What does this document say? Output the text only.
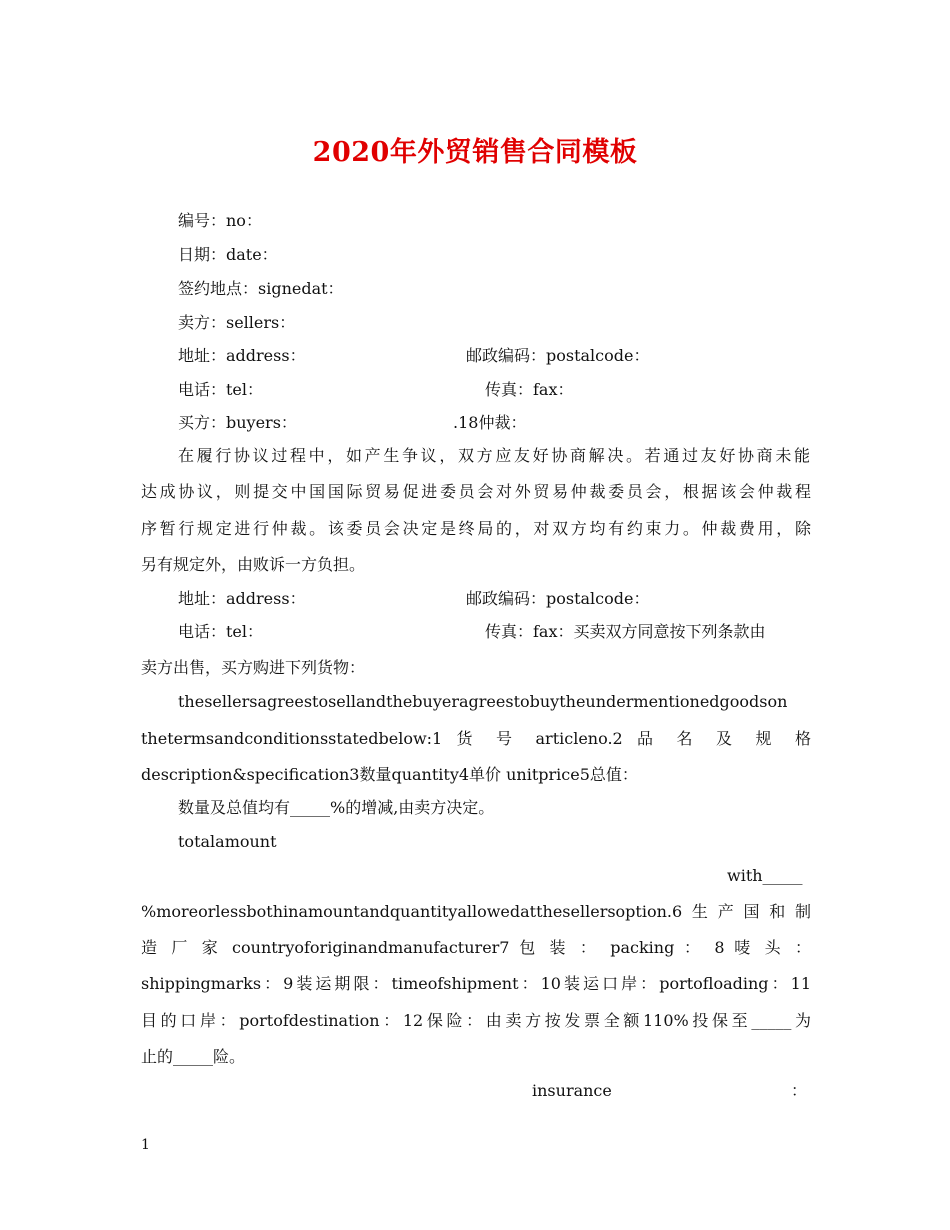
2020年外贸销售合同模板
编号：no：
日期：date：
签约地点：signedat：
卖方：sellers：
地址：address：	邮政编码：postalcode：
电话：tel：	传真：fax：
买方：buyers：	.18仲裁：
在履行协议过程中，如产生争议，双方应友好协商解决。若通过友好协商未能
达成协议，则提交中国国际贸易促进委员会对外贸易仲裁委员会，根据该会仲裁程
序暂行规定进行仲裁。该委员会决定是终局的，对双方均有约束力。仲裁费用，除
另有规定外，由败诉一方负担。
地址：address：	邮政编码：postalcode：
电话：tel：	传真：fax：买卖双方同意按下列条款由
卖方出售，买方购进下列货物：
thesellersagreestosellandthebuyeragreestobuytheundermentionedgoodson
thetermsandconditionsstatedbelow:1 货 号 articleno.2 品 名 及 规 格
description&specification3数量quantity4单价 unitprice5总值：
数量及总值均有_____%的增减,由卖方决定。
totalamount
with_____
%moreorlessbothinamountandquantityallowedatthesellersoption.6生产国和制
造 厂 家 countryoforiginandmanufacturer7 包 装 ： packing ： 8 唛 头 ：
shippingmarks：9装运期限：timeofshipment：10装运口岸：portofloading：11
目的口岸：portofdestination：12保险：由卖方按发票全额110%投保至_____为
止的_____险。
insurance	：
1
